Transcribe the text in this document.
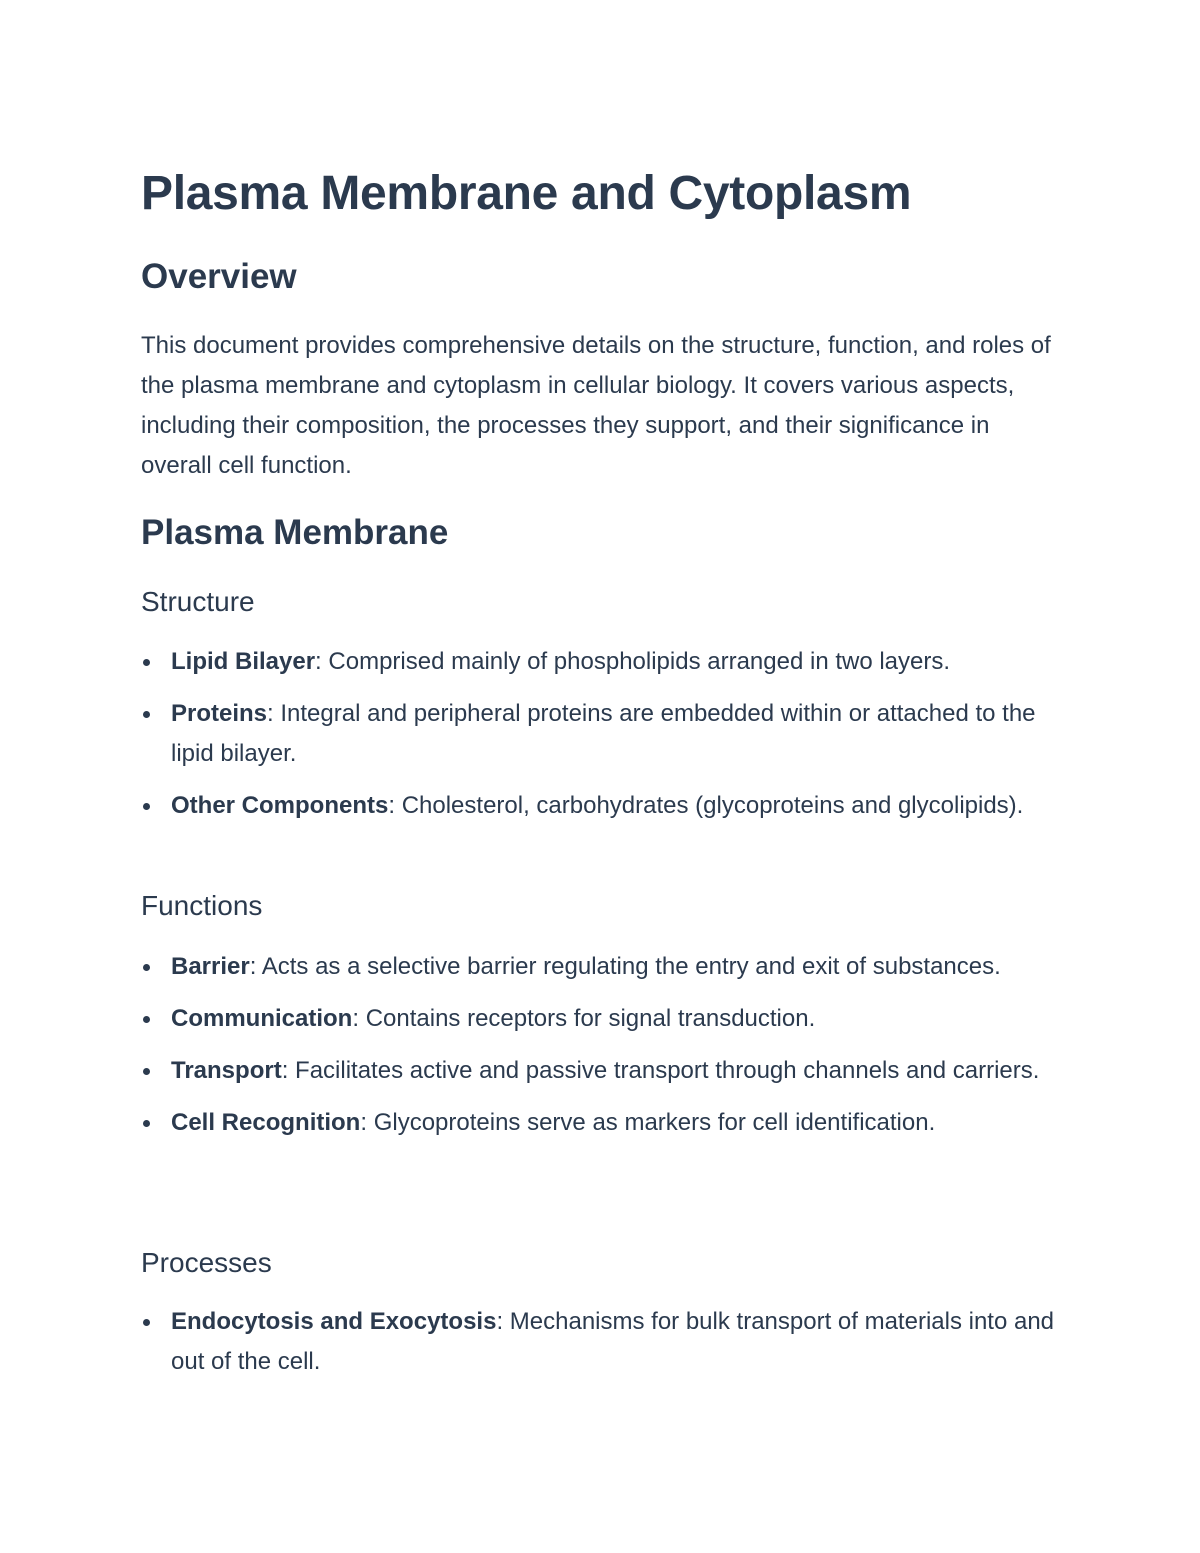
Plasma Membrane and Cytoplasm
Overview

This document provides comprehensive details on the structure, function, and roles of the plasma membrane and cytoplasm in cellular biology. It covers various aspects, including their composition, the processes they support, and their significance in overall cell function.

Plasma Membrane
Structure
Lipid Bilayer: Comprised mainly of phospholipids arranged in two layers.
Proteins: Integral and peripheral proteins are embedded within or attached to the lipid bilayer.
Other Components: Cholesterol, carbohydrates (glycoproteins and glycolipids).
Functions
Barrier: Acts as a selective barrier regulating the entry and exit of substances.
Communication: Contains receptors for signal transduction.
Transport: Facilitates active and passive transport through channels and carriers.
Cell Recognition: Glycoproteins serve as markers for cell identification.
Processes
Endocytosis and Exocytosis: Mechanisms for bulk transport of materials into and out of the cell.
